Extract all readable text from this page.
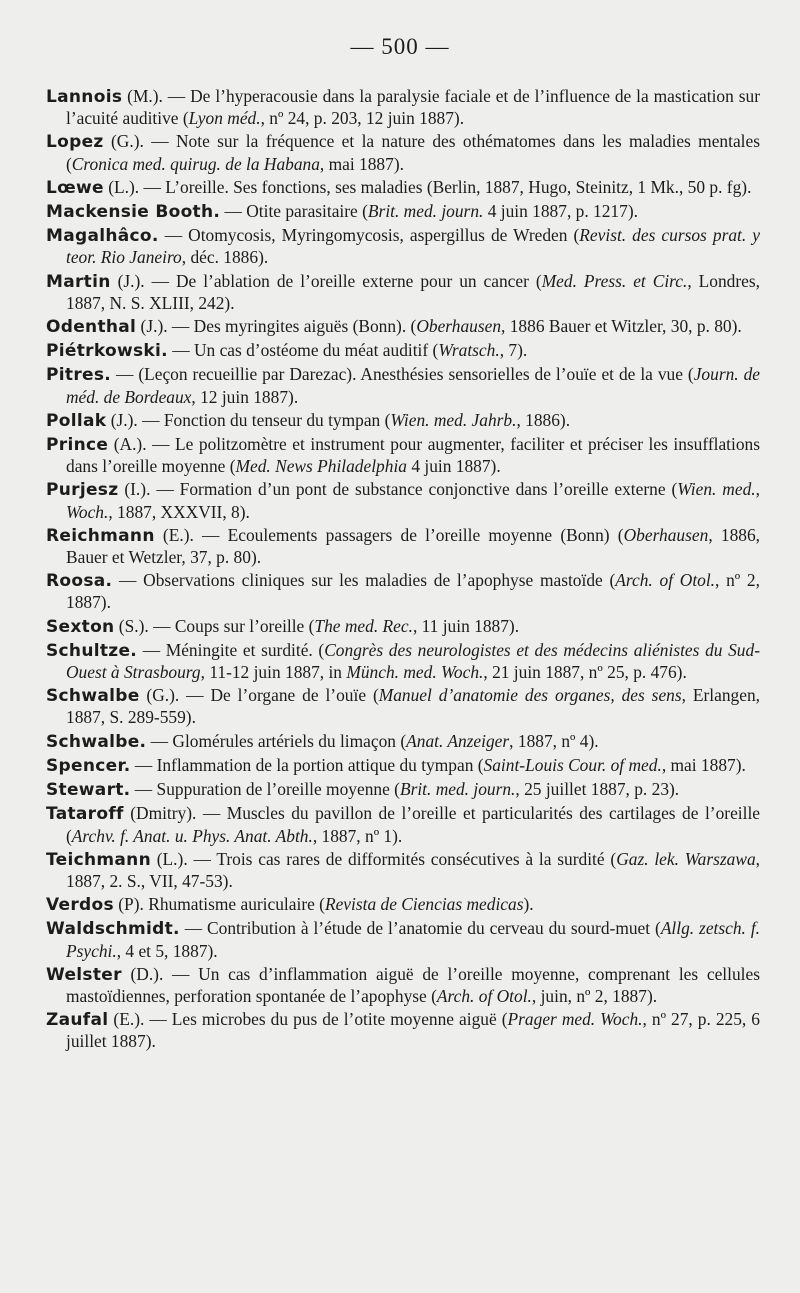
— 500 —

Lannois (M.). — De l’hyperacousie dans la paralysie faciale et de l’influence de la mastication sur l’acuité auditive (Lyon méd., nº 24, p. 203, 12 juin 1887).

Lopez (G.). — Note sur la fréquence et la nature des othématomes dans les maladies mentales (Cronica med. quirug. de la Habana, mai 1887).

Lœwe (L.). — L’oreille. Ses fonctions, ses maladies (Berlin, 1887, Hugo, Steinitz, 1 Mk., 50 p. fg).

Mackensie Booth. — Otite parasitaire (Brit. med. journ. 4 juin 1887, p. 1217).

Magalhâco. — Otomycosis, Myringomycosis, aspergillus de Wreden (Revist. des cursos prat. y teor. Rio Janeiro, déc. 1886).

Martin (J.). — De l’ablation de l’oreille externe pour un cancer (Med. Press. et Circ., Londres, 1887, N. S. XLIII, 242).

Odenthal (J.). — Des myringites aiguës (Bonn). (Oberhausen, 1886 Bauer et Witzler, 30, p. 80).

Piétrkowski. — Un cas d’ostéome du méat auditif (Wratsch., 7).

Pitres. — (Leçon recueillie par Darezac). Anesthésies sensorielles de l’ouïe et de la vue (Journ. de méd. de Bordeaux, 12 juin 1887).

Pollak (J.). — Fonction du tenseur du tympan (Wien. med. Jahrb., 1886).

Prince (A.). — Le politzomètre et instrument pour augmenter, faciliter et préciser les insufflations dans l’oreille moyenne (Med. News Philadelphia 4 juin 1887).

Purjesz (I.). — Formation d’un pont de substance conjonctive dans l’oreille externe (Wien. med., Woch., 1887, XXXVII, 8).

Reichmann (E.). — Ecoulements passagers de l’oreille moyenne (Bonn) (Oberhausen, 1886, Bauer et Wetzler, 37, p. 80).

Roosa. — Observations cliniques sur les maladies de l’apophyse mastoïde (Arch. of Otol., nº 2, 1887).

Sexton (S.). — Coups sur l’oreille (The med. Rec., 11 juin 1887).

Schultze. — Méningite et surdité. (Congrès des neurologistes et des médecins aliénistes du Sud-Ouest à Strasbourg, 11-12 juin 1887, in Münch. med. Woch., 21 juin 1887, nº 25, p. 476).

Schwalbe (G.). — De l’organe de l’ouïe (Manuel d’anatomie des organes, des sens, Erlangen, 1887, S. 289-559).

Schwalbe. — Glomérules artériels du limaçon (Anat. Anzeiger, 1887, nº 4).

Spencer. — Inflammation de la portion attique du tympan (Saint-Louis Cour. of med., mai 1887).

Stewart. — Suppuration de l’oreille moyenne (Brit. med. journ., 25 juillet 1887, p. 23).

Tataroff (Dmitry). — Muscles du pavillon de l’oreille et particularités des cartilages de l’oreille (Archv. f. Anat. u. Phys. Anat. Abth., 1887, nº 1).

Teichmann (L.). — Trois cas rares de difformités consécutives à la surdité (Gaz. lek. Warszawa, 1887, 2. S., VII, 47-53).

Verdos (P). Rhumatisme auriculaire (Revista de Ciencias medicas).

Waldschmidt. — Contribution à l’étude de l’anatomie du cerveau du sourd-muet (Allg. zetsch. f. Psychi., 4 et 5, 1887).

Welster (D.). — Un cas d’inflammation aiguë de l’oreille moyenne, comprenant les cellules mastoïdiennes, perforation spontanée de l’apophyse (Arch. of Otol., juin, nº 2, 1887).

Zaufal (E.). — Les microbes du pus de l’otite moyenne aiguë (Prager med. Woch., nº 27, p. 225, 6 juillet 1887).
